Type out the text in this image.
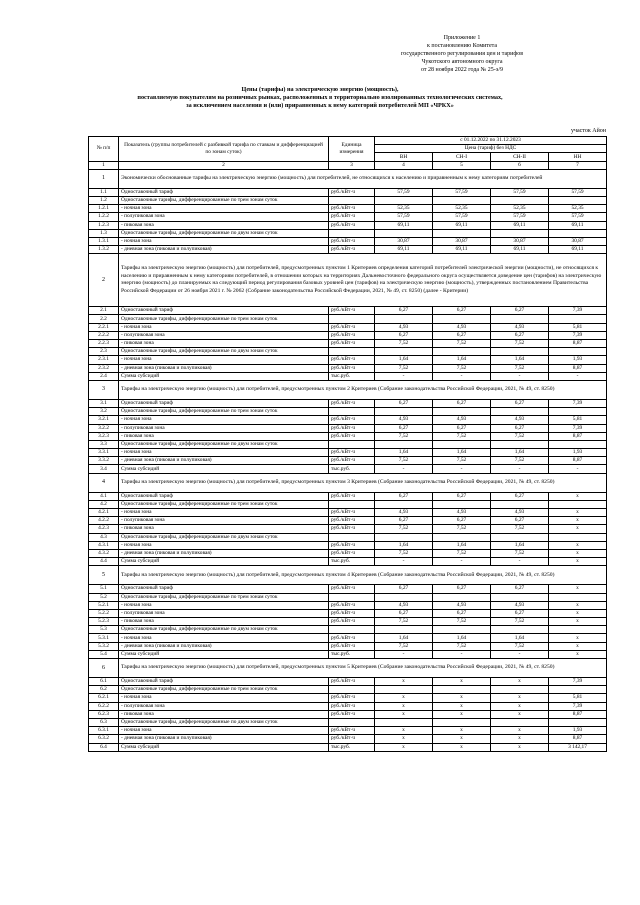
Приложение 1
к постановлению Комитета
государственного регулирования цен и тарифов
Чукотского автономного округа
от 28 ноября 2022 года № 25-э/9
Цены (тарифы) на электрическую энергию (мощность),
поставляемую покупателям на розничных рынках, расположенных в территориально изолированных технологических системах,
за исключением населения и (или) приравненных к нему категорий потребителей МП «ЧРКХ»
участок Айон
№ п/п	Показатель (группы потребителей с разбивкой тарифа по ставкам и дифференциацией по зонам суток)	Единица измерения	с 01.12.2022 по 31.12.2023			
			Цена (тариф) без НДС			
			ВН	СН-I	СН-II	НН
1	2	3	4	5	6	7
1	Экономически обоснованные тарифы на электрическую энергию (мощность) для потребителей, не относящихся к населению и приравненным к нему категориям потребителей					
1.1	Одноставочный тариф	руб./кВт·ч	57,59	57,59	57,59	57,59
1.2	Одноставочные тарифы, дифференцированные по трем зонам суток					
1.2.1	- ночная зона	руб./кВт·ч	52,35	52,35	52,35	52,35
1.2.2	- полупиковая зона	руб./кВт·ч	57,59	57,59	57,59	57,59
1.2.3	- пиковая зона	руб./кВт·ч	69,11	69,11	69,11	69,11
1.3	Одноставочные тарифы, дифференцированные по двум зонам суток					
1.3.1	- ночная зона	руб./кВт·ч	30,87	30,87	30,87	30,87
1.3.2	- дневная зона (пиковая и полупиковая)	руб./кВт·ч	69,11	69,11	69,11	69,11
2	Тарифы на электрическую энергию (мощность) для потребителей, предусмотренных пунктом 1 Критериев определения категорий потребителей электрической энергии (мощности), не относящихся к населению и приравненным к нему категориям потребителей, в отношении которых на территориях Дальневосточного федерального округа осуществляется доведение цен (тарифов) на электрическую энергию (мощность) до планируемых на следующий период регулирования базовых уровней цен (тарифов) на электрическую энергию (мощность), утвержденных постановлением Правительства Российской Федерации от 26 ноября 2021 г. № 2062 (Собрание законодательства Российской Федерации, 2021, № 49, ст. 8250) (далее - Критерии)					
2.1	Одноставочный тариф	руб./кВт·ч	6,27	6,27	6,27	7,39
2.2	Одноставочные тарифы, дифференцированные по трем зонам суток					
2.2.1	- ночная зона	руб./кВт·ч	4,93	4,93	4,93	5,81
2.2.2	- полупиковая зона	руб./кВт·ч	6,27	6,27	6,27	7,39
2.2.3	- пиковая зона	руб./кВт·ч	7,52	7,52	7,52	8,87
2.3	Одноставочные тарифы, дифференцированные по двум зонам суток					
2.3.1	- ночная зона	руб./кВт·ч	1,64	1,64	1,64	1,93
2.3.2	- дневная зона (пиковая и полупиковая)	руб./кВт·ч	7,52	7,52	7,52	8,87
2.4	Сумма субсидий	тыс.руб.	-	-	-	-
3	Тарифы на электрическую энергию (мощность) для потребителей, предусмотренных пунктом 2 Критериев (Собрание законодательства Российской Федерации, 2021, № 49, ст. 8250)					
3.1	Одноставочный тариф	руб./кВт·ч	6,27	6,27	6,27	7,39
3.2	Одноставочные тарифы, дифференцированные по трем зонам суток					
3.2.1	- ночная зона	руб./кВт·ч	4,93	4,93	4,93	5,81
3.2.2	- полупиковая зона	руб./кВт·ч	6,27	6,27	6,27	7,39
3.2.3	- пиковая зона	руб./кВт·ч	7,52	7,52	7,52	8,87
3.3	Одноставочные тарифы, дифференцированные по двум зонам суток					
3.3.1	- ночная зона	руб./кВт·ч	1,64	1,64	1,64	1,93
3.3.2	- дневная зона (пиковая и полупиковая)	руб./кВт·ч	7,52	7,52	7,52	8,87
3.4	Сумма субсидий	тыс.руб.	-	-	-	-
4	Тарифы на электрическую энергию (мощность) для потребителей, предусмотренных пунктом 3 Критериев (Собрание законодательства Российской Федерации, 2021, № 49, ст. 8250)					
4.1	Одноставочный тариф	руб./кВт·ч	6,27	6,27	6,27	x
4.2	Одноставочные тарифы, дифференцированные по трем зонам суток					
4.2.1	- ночная зона	руб./кВт·ч	4,93	4,93	4,93	x
4.2.2	- полупиковая зона	руб./кВт·ч	6,27	6,27	6,27	x
4.2.3	- пиковая зона	руб./кВт·ч	7,52	7,52	7,52	x
4.3	Одноставочные тарифы, дифференцированные по двум зонам суток					
4.3.1	- ночная зона	руб./кВт·ч	1,64	1,64	1,64	x
4.3.2	- дневная зона (пиковая и полупиковая)	руб./кВт·ч	7,52	7,52	7,52	x
4.4	Сумма субсидий	тыс.руб.	-	-	-	x
5	Тарифы на электрическую энергию (мощность) для потребителей, предусмотренных пунктом 4 Критериев (Собрание законодательства Российской Федерации, 2021, № 49, ст. 8250)					
5.1	Одноставочный тариф	руб./кВт·ч	6,27	6,27	6,27	x
5.2	Одноставочные тарифы, дифференцированные по трем зонам суток					
5.2.1	- ночная зона	руб./кВт·ч	4,93	4,93	4,93	x
5.2.2	- полупиковая зона	руб./кВт·ч	6,27	6,27	6,27	x
5.2.3	- пиковая зона	руб./кВт·ч	7,52	7,52	7,52	x
5.3	Одноставочные тарифы, дифференцированные по двум зонам суток					
5.3.1	- ночная зона	руб./кВт·ч	1,64	1,64	1,64	x
5.3.2	- дневная зона (пиковая и полупиковая)	руб./кВт·ч	7,52	7,52	7,52	x
5.4	Сумма субсидий	тыс.руб.	-	-	-	x
6	Тарифы на электрическую энергию (мощность) для потребителей, предусмотренных пунктом 5 Критериев (Собрание законодательства Российской Федерации, 2021, № 49, ст. 8250)					
6.1	Одноставочный тариф	руб./кВт·ч	x	x	x	7,39
6.2	Одноставочные тарифы, дифференцированные по трем зонам суток					
6.2.1	- ночная зона	руб./кВт·ч	x	x	x	5,81
6.2.2	- полупиковая зона	руб./кВт·ч	x	x	x	7,39
6.2.3	- пиковая зона	руб./кВт·ч	x	x	x	8,87
6.3	Одноставочные тарифы, дифференцированные по двум зонам суток					
6.3.1	- ночная зона	руб./кВт·ч	x	x	x	1,93
6.3.2	- дневная зона (пиковая и полупиковая)	руб./кВт·ч	x	x	x	8,87
6.4	Сумма субсидий	тыс.руб.	x	x	x	3 142,17
